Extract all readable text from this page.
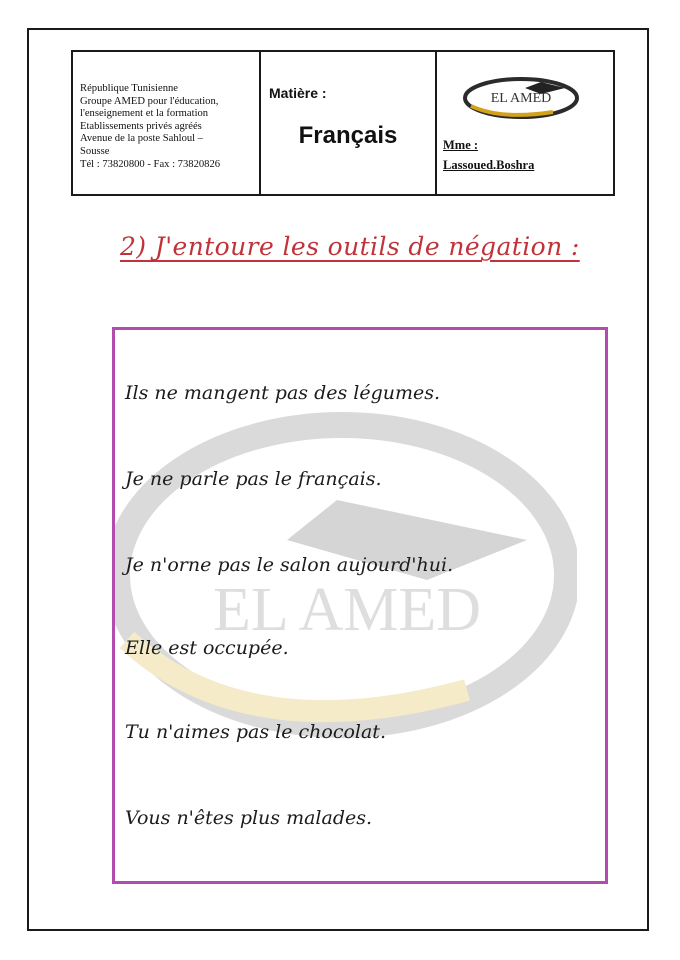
République Tunisienne
Groupe AMED pour l'éducation,
l'enseignement et la formation
Etablissements privés agréés
Avenue de la poste Sahloul –
Sousse
Tél : 73820800 - Fax : 73820826
Matière :
Français
EL AMED
Mme :
Lassoued.Boshra
2) J'entoure les outils de négation :
EL AMED
Ils ne mangent pas des légumes.
Je ne parle pas le français.
Je n'orne pas le salon aujourd'hui.
Elle est occupée.
Tu n'aimes pas le chocolat.
Vous n'êtes plus malades.
